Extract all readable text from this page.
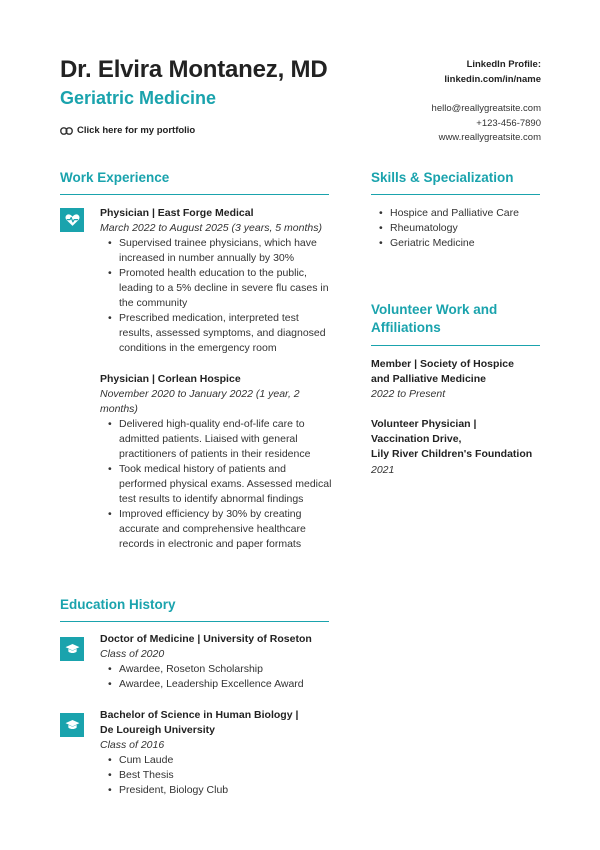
Dr. Elvira Montanez, MD
Geriatric Medicine
Click here for my portfolio
LinkedIn Profile:
linkedin.com/in/name
hello@reallygreatsite.com
+123-456-7890
www.reallygreatsite.com
Work Experience
Physician | East Forge Medical
March 2022 to August 2025 (3 years, 5 months)
• Supervised trainee physicians, which have increased in number annually by 30%
• Promoted health education to the public, leading to a 5% decline in severe flu cases in the community
• Prescribed medication, interpreted test results, assessed symptoms, and diagnosed conditions in the emergency room
Physician | Corlean Hospice
November 2020 to January 2022 (1 year, 2 months)
• Delivered high-quality end-of-life care to admitted patients. Liaised with general practitioners of patients in their residence
• Took medical history of patients and performed physical exams. Assessed medical test results to identify abnormal findings
• Improved efficiency by 30% by creating accurate and comprehensive healthcare records in electronic and paper formats
Education History
Doctor of Medicine | University of Roseton
Class of 2020
• Awardee, Roseton Scholarship
• Awardee, Leadership Excellence Award
Bachelor of Science in Human Biology |
De Loureigh University
Class of 2016
• Cum Laude
• Best Thesis
• President, Biology Club
Skills & Specialization
• Hospice and Palliative Care
• Rheumatology
• Geriatric Medicine
Volunteer Work and
Affiliations
Member | Society of Hospice
and Palliative Medicine
2022 to Present
Volunteer Physician |
Vaccination Drive,
Lily River Children's Foundation
2021
